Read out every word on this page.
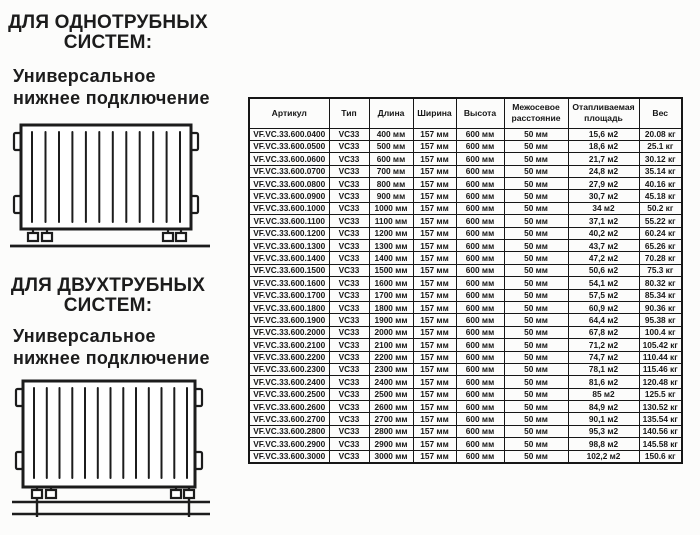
ДЛЯ ОДНОТРУБНЫХ
СИСТЕМ:
Универсальное
нижнее подключение
ДЛЯ ДВУХТРУБНЫХ
СИСТЕМ:
Универсальное
нижнее подключение
Артикул	Тип	Длина	Ширина	Высота	Межосевое расстояние	Отапливаемая площадь	Вес
VF.VC.33.600.0400	VC33	400 мм	157 мм	600 мм	50 мм	15,6 м2	20.08 кг
VF.VC.33.600.0500	VC33	500 мм	157 мм	600 мм	50 мм	18,6 м2	25.1 кг
VF.VC.33.600.0600	VC33	600 мм	157 мм	600 мм	50 мм	21,7 м2	30.12 кг
VF.VC.33.600.0700	VC33	700 мм	157 мм	600 мм	50 мм	24,8 м2	35.14 кг
VF.VC.33.600.0800	VC33	800 мм	157 мм	600 мм	50 мм	27,9 м2	40.16 кг
VF.VC.33.600.0900	VC33	900 мм	157 мм	600 мм	50 мм	30,7 м2	45.18 кг
VF.VC.33.600.1000	VC33	1000 мм	157 мм	600 мм	50 мм	34 м2	50.2 кг
VF.VC.33.600.1100	VC33	1100 мм	157 мм	600 мм	50 мм	37,1 м2	55.22 кг
VF.VC.33.600.1200	VC33	1200 мм	157 мм	600 мм	50 мм	40,2 м2	60.24 кг
VF.VC.33.600.1300	VC33	1300 мм	157 мм	600 мм	50 мм	43,7 м2	65.26 кг
VF.VC.33.600.1400	VC33	1400 мм	157 мм	600 мм	50 мм	47,2 м2	70.28 кг
VF.VC.33.600.1500	VC33	1500 мм	157 мм	600 мм	50 мм	50,6 м2	75.3 кг
VF.VC.33.600.1600	VC33	1600 мм	157 мм	600 мм	50 мм	54,1 м2	80.32 кг
VF.VC.33.600.1700	VC33	1700 мм	157 мм	600 мм	50 мм	57,5 м2	85.34 кг
VF.VC.33.600.1800	VC33	1800 мм	157 мм	600 мм	50 мм	60,9 м2	90.36 кг
VF.VC.33.600.1900	VC33	1900 мм	157 мм	600 мм	50 мм	64,4 м2	95.38 кг
VF.VC.33.600.2000	VC33	2000 мм	157 мм	600 мм	50 мм	67,8 м2	100.4 кг
VF.VC.33.600.2100	VC33	2100 мм	157 мм	600 мм	50 мм	71,2 м2	105.42 кг
VF.VC.33.600.2200	VC33	2200 мм	157 мм	600 мм	50 мм	74,7 м2	110.44 кг
VF.VC.33.600.2300	VC33	2300 мм	157 мм	600 мм	50 мм	78,1 м2	115.46 кг
VF.VC.33.600.2400	VC33	2400 мм	157 мм	600 мм	50 мм	81,6 м2	120.48 кг
VF.VC.33.600.2500	VC33	2500 мм	157 мм	600 мм	50 мм	85 м2	125.5 кг
VF.VC.33.600.2600	VC33	2600 мм	157 мм	600 мм	50 мм	84,9 м2	130.52 кг
VF.VC.33.600.2700	VC33	2700 мм	157 мм	600 мм	50 мм	90,1 м2	135.54 кг
VF.VC.33.600.2800	VC33	2800 мм	157 мм	600 мм	50 мм	95,3 м2	140.56 кг
VF.VC.33.600.2900	VC33	2900 мм	157 мм	600 мм	50 мм	98,8 м2	145.58 кг
VF.VC.33.600.3000	VC33	3000 мм	157 мм	600 мм	50 мм	102,2 м2	150.6 кг
